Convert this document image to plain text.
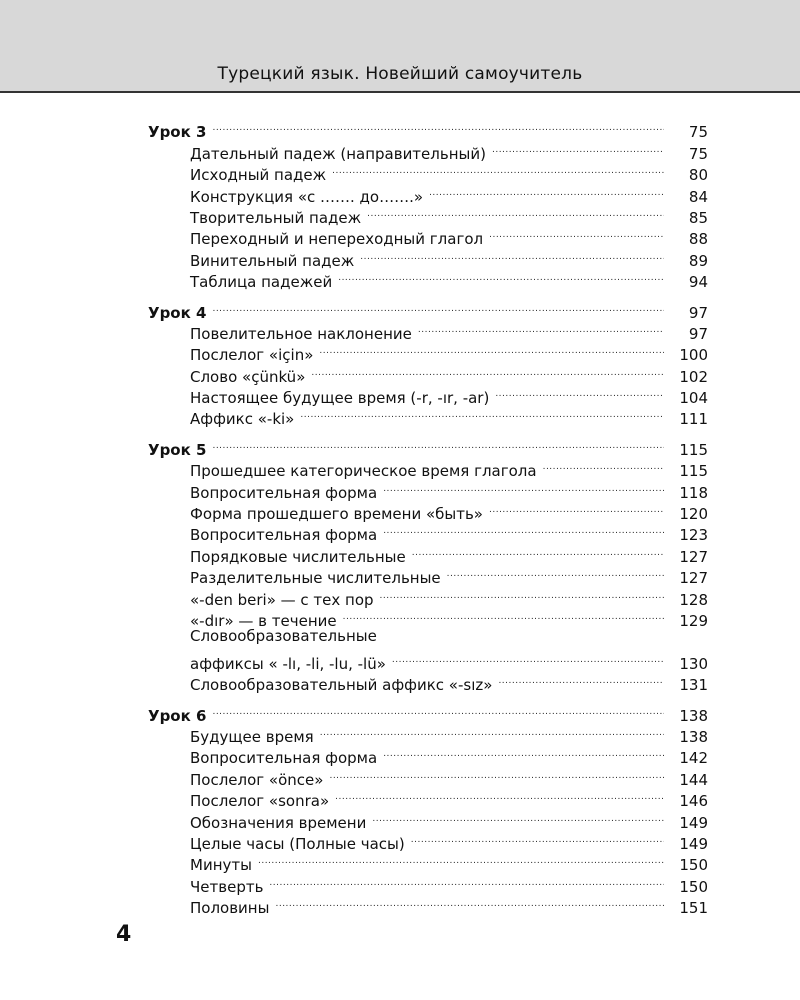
Турецкий язык. Новейший самоучитель
Урок 3 .....	75
Дательный падеж (направительный) .....	75
Исходный падеж .....	80
Конструкция «с ……. до…….» .....	84
Творительный падеж .....	85
Переходный и непереходный глагол .....	88
Винительный падеж .....	89
Таблица падежей .....	94
Урок 4 .....	97
Повелительное наклонение .....	97
Послелог «için» .....	100
Слово «çünkü» .....	102
Настоящее будущее время (-r, -ır, -ar) .....	104
Аффикс «-ki» .....	111
Урок 5 .....	115
Прошедшее категорическое время глагола .....	115
Вопросительная форма .....	118
Форма прошедшего времени «быть» .....	120
Вопросительная форма .....	123
Порядковые числительные .....	127
Разделительные числительные .....	127
«-den beri» — с тех пор .....	128
«-dır» — в течение .....	129
Словообразовательные
аффиксы « -lı, -li, -lu, -lü» .....	130
Словообразовательный аффикс «-sız» .....	131
Урок 6 .....	138
Будущее время .....	138
Вопросительная форма .....	142
Послелог «önce» .....	144
Послелог «sonra» .....	146
Обозначения времени .....	149
Целые часы (Полные часы) .....	149
Минуты .....	150
Четверть .....	150
Половины .....	151
4
